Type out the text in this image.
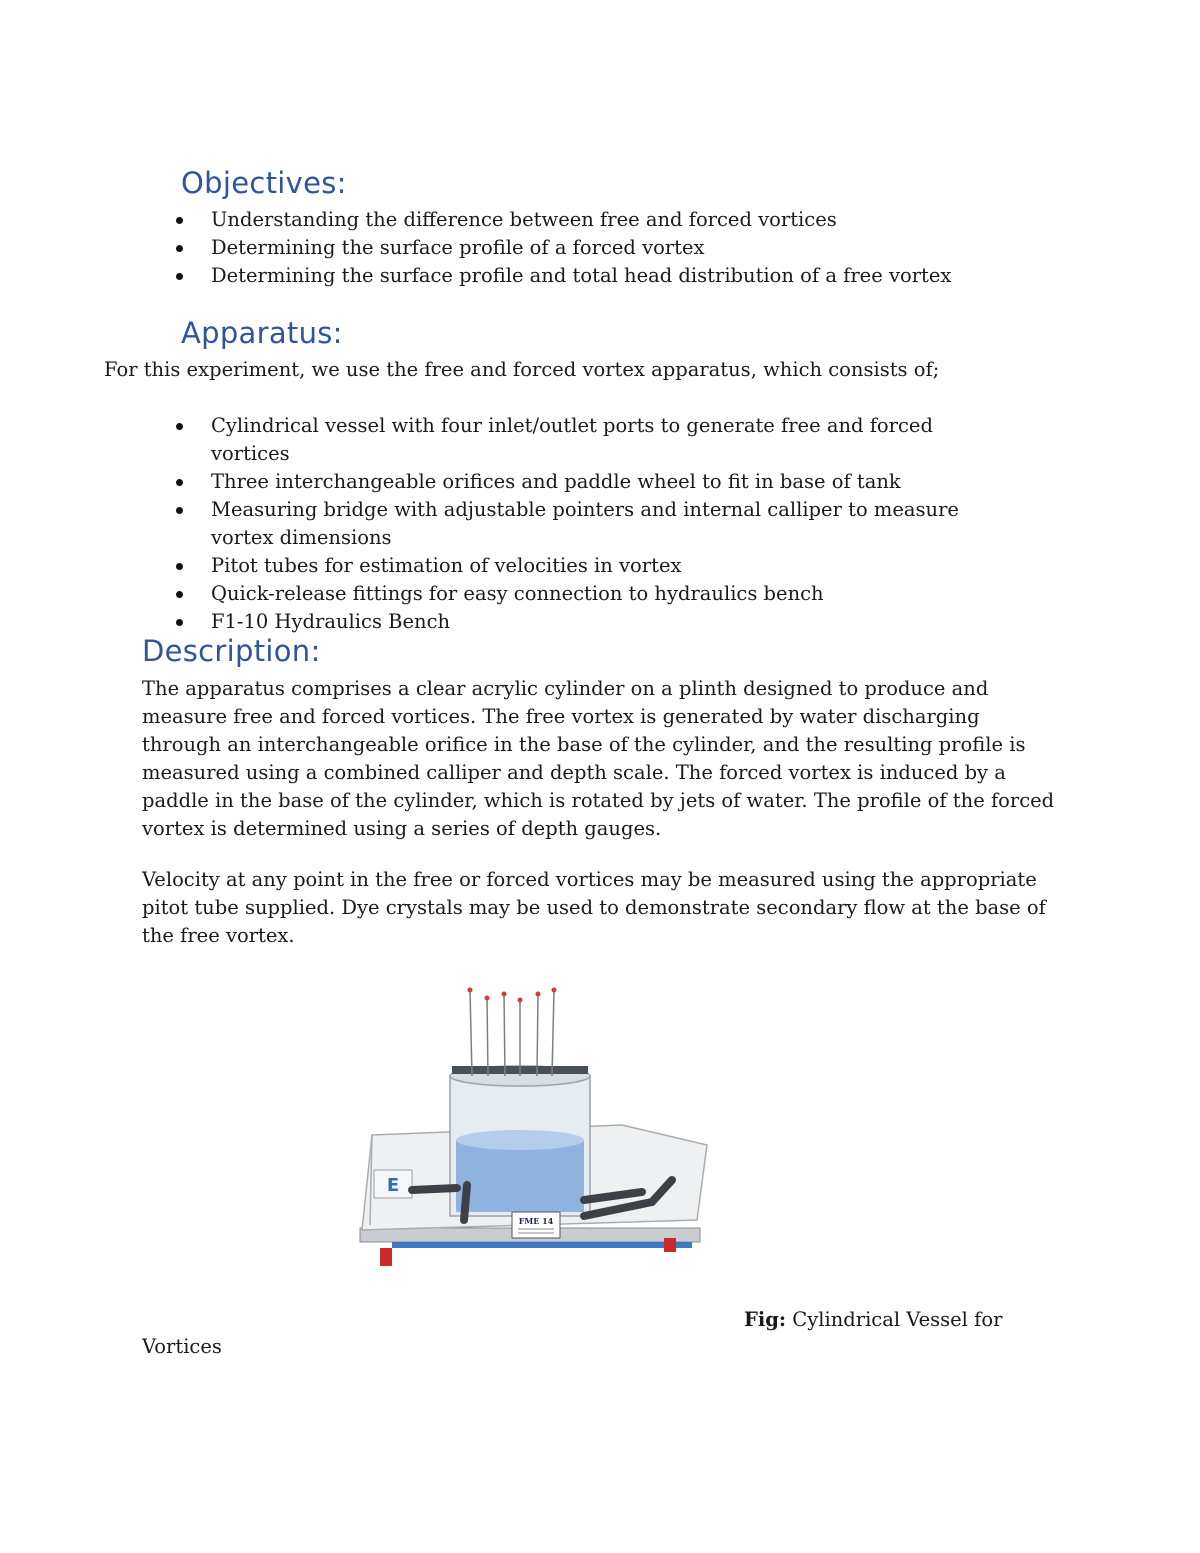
Objectives:
Understanding the difference between free and forced vortices
Determining the surface profile of a forced vortex
Determining the surface profile and total head distribution of a free vortex
Apparatus:

For this experiment, we use the free and forced vortex apparatus, which consists of;

Cylindrical vessel with four inlet/outlet ports to generate free and forced vortices
Three interchangeable orifices and paddle wheel to fit in base of tank
Measuring bridge with adjustable pointers and internal calliper to measure vortex dimensions
Pitot tubes for estimation of velocities in vortex
Quick-release fittings for easy connection to hydraulics bench
F1-10 Hydraulics Bench
Description:

The apparatus comprises a clear acrylic cylinder on a plinth designed to produce and measure free and forced vortices. The free vortex is generated by water discharging through an interchangeable orifice in the base of the cylinder, and the resulting profile is measured using a combined calliper and depth scale. The forced vortex is induced by a paddle in the base of the cylinder, which is rotated by jets of water. The profile of the forced vortex is determined using a series of depth gauges.

Velocity at any point in the free or forced vortices may be measured using the appropriate pitot tube supplied. Dye crystals may be used to demonstrate secondary flow at the base of the free vortex.

E
FME 14
Fig: Cylindrical Vessel for
Vortices
